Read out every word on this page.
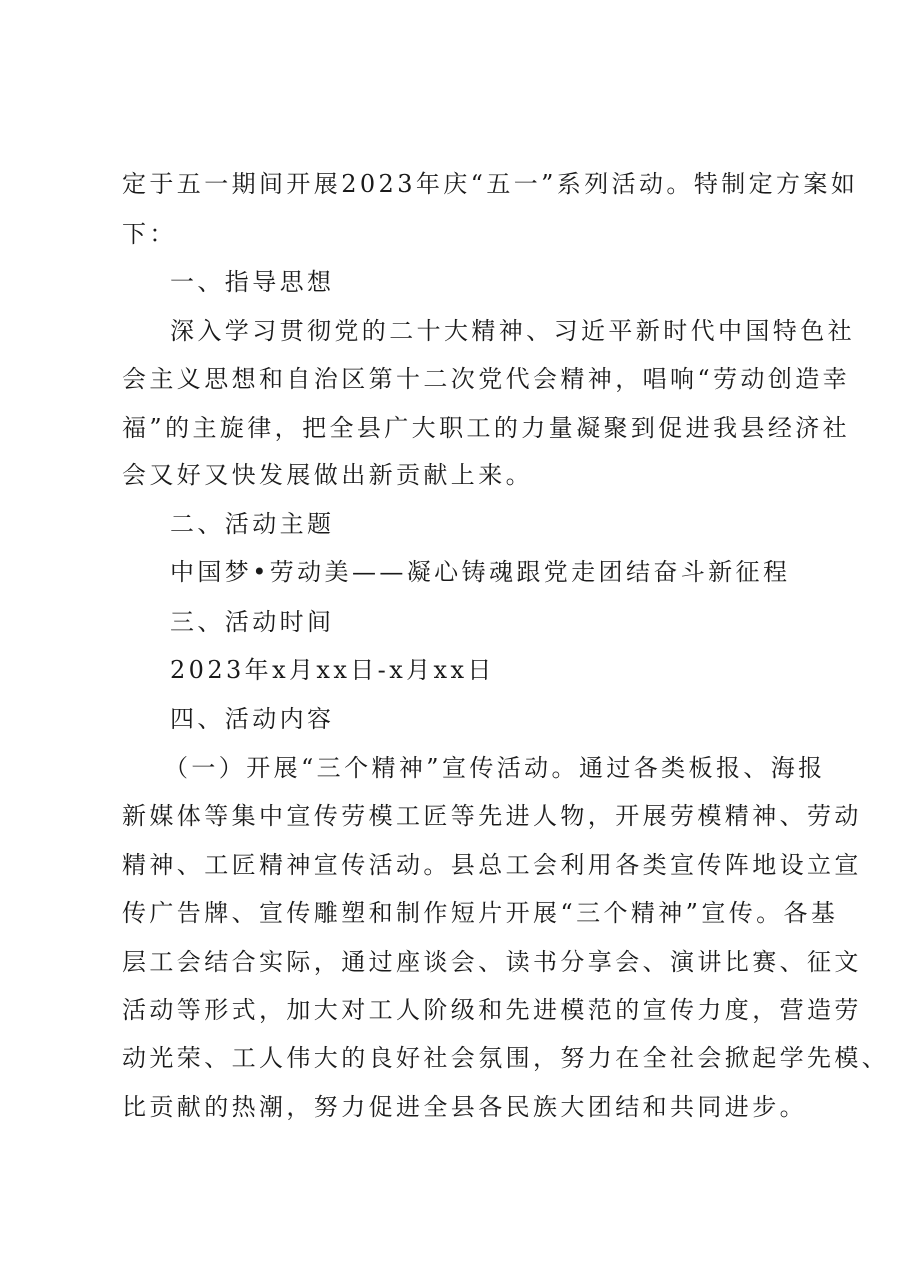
定于五一期间开展2023年庆“五一”系列活动。特制定方案如
下：
一、指导思想
深入学习贯彻党的二十大精神、习近平新时代中国特色社
会主义思想和自治区第十二次党代会精神，唱响“劳动创造幸
福”的主旋律，把全县广大职工的力量凝聚到促进我县经济社
会又好又快发展做出新贡献上来。
二、活动主题
中国梦•劳动美——凝心铸魂跟党走团结奋斗新征程
三、活动时间
2023年x月xx日-x月xx日
四、活动内容
（一）开展“三个精神”宣传活动。通过各类板报、海报
新媒体等集中宣传劳模工匠等先进人物，开展劳模精神、劳动
精神、工匠精神宣传活动。县总工会利用各类宣传阵地设立宣
传广告牌、宣传雕塑和制作短片开展“三个精神”宣传。各基
层工会结合实际，通过座谈会、读书分享会、演讲比赛、征文
活动等形式，加大对工人阶级和先进模范的宣传力度，营造劳
动光荣、工人伟大的良好社会氛围，努力在全社会掀起学先模、
比贡献的热潮，努力促进全县各民族大团结和共同进步。
